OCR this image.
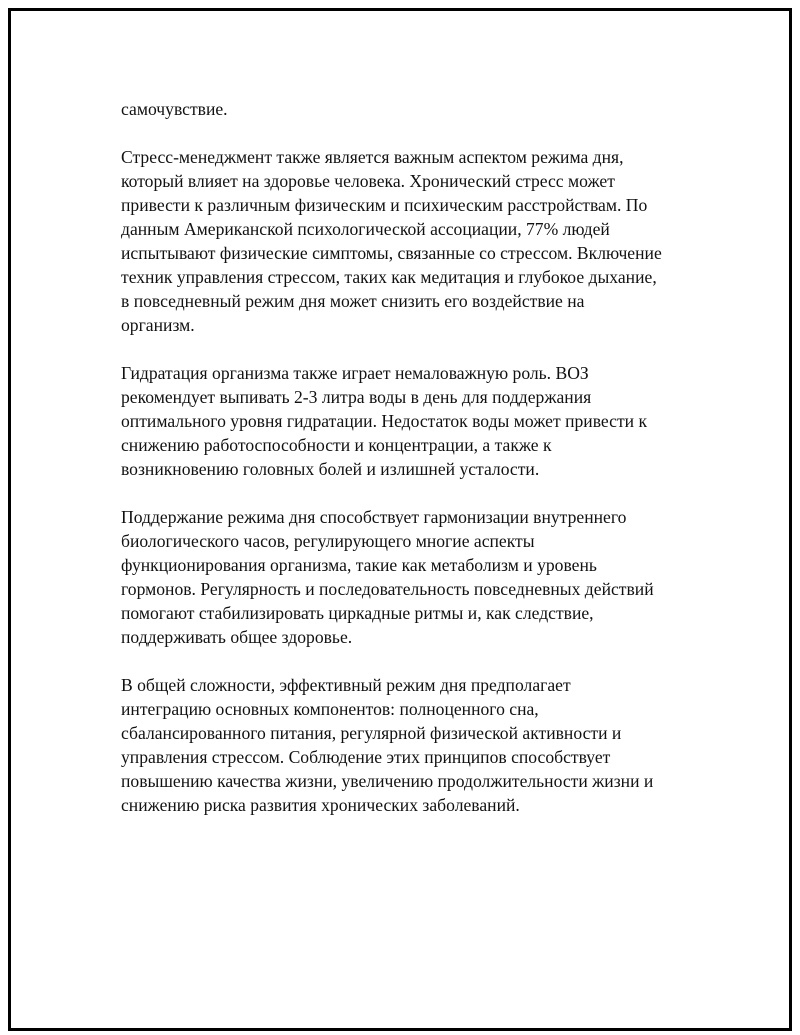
самочувствие.

Стресс-менеджмент также является важным аспектом режима дня,
который влияет на здоровье человека. Хронический стресс может
привести к различным физическим и психическим расстройствам. По
данным Американской психологической ассоциации, 77% людей
испытывают физические симптомы, связанные со стрессом. Включение
техник управления стрессом, таких как медитация и глубокое дыхание,
в повседневный режим дня может снизить его воздействие на
организм.

Гидратация организма также играет немаловажную роль. ВОЗ
рекомендует выпивать 2-3 литра воды в день для поддержания
оптимального уровня гидратации. Недостаток воды может привести к
снижению работоспособности и концентрации, а также к
возникновению головных болей и излишней усталости.

Поддержание режима дня способствует гармонизации внутреннего
биологического часов, регулирующего многие аспекты
функционирования организма, такие как метаболизм и уровень
гормонов. Регулярность и последовательность повседневных действий
помогают стабилизировать циркадные ритмы и, как следствие,
поддерживать общее здоровье.

В общей сложности, эффективный режим дня предполагает
интеграцию основных компонентов: полноценного сна,
сбалансированного питания, регулярной физической активности и
управления стрессом. Соблюдение этих принципов способствует
повышению качества жизни, увеличению продолжительности жизни и
снижению риска развития хронических заболеваний.
